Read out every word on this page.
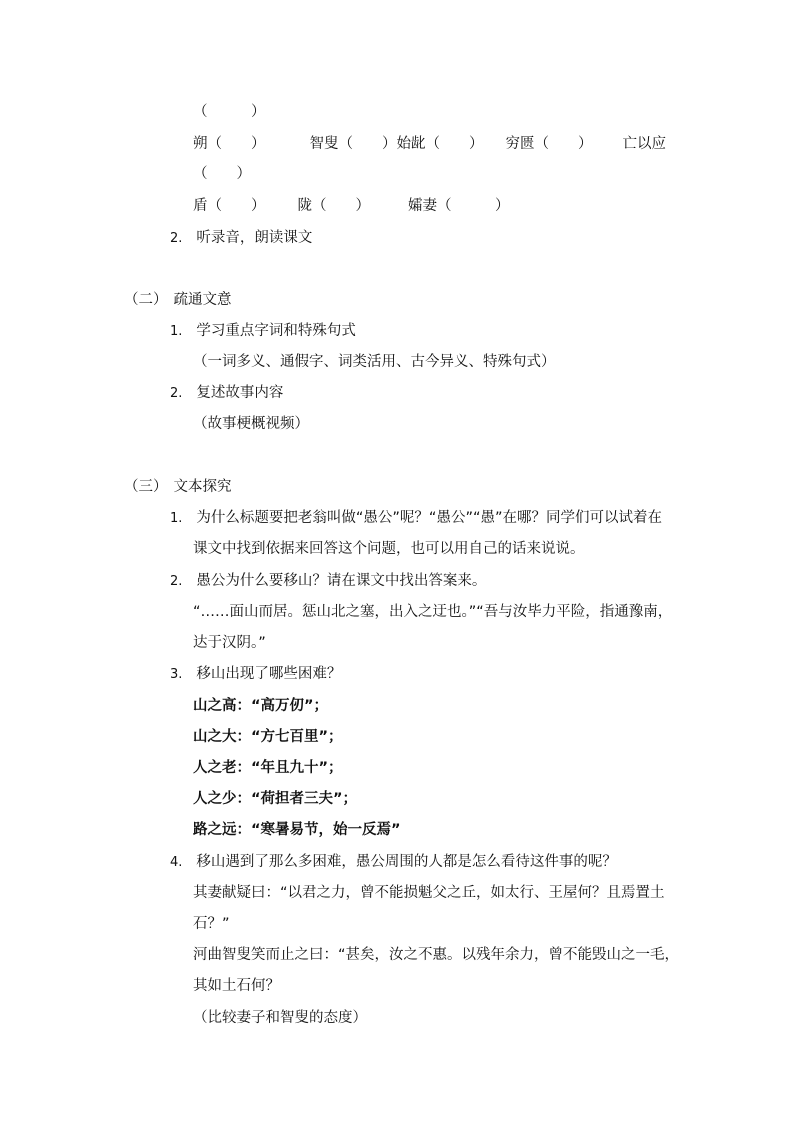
（　　　）
朔（　　）	智叟（　　）始龀（　　） 穷匮（　　） 亡以应
（　　）
盾（　　） 陇（　　）	孀妻（　　　）
2. 听录音，朗读课文
（二） 疏通文意
1. 学习重点字词和特殊句式
（一词多义、通假字、词类活用、古今异义、特殊句式）
2. 复述故事内容
（故事梗概视频）
（三） 文本探究
1. 为什么标题要把老翁叫做“愚公”呢？“愚公”“愚”在哪？同学们可以试着在
课文中找到依据来回答这个问题，也可以用自己的话来说说。
2. 愚公为什么要移山？请在课文中找出答案来。
“……面山而居。惩山北之塞，出入之迂也。”“吾与汝毕力平险，指通豫南，
达于汉阴。”
3. 移山出现了哪些困难？
山之高：“高万仞”；
山之大：“方七百里”；
人之老：“年且九十”；
人之少：“荷担者三夫”；
路之远：“寒暑易节，始一反焉”
4. 移山遇到了那么多困难，愚公周围的人都是怎么看待这件事的呢？
其妻献疑曰：“以君之力，曾不能损魁父之丘，如太行、王屋何？且焉置土
石？”
河曲智叟笑而止之曰：“甚矣，汝之不惠。以残年余力，曾不能毁山之一毛，
其如土石何？
（比较妻子和智叟的态度）
